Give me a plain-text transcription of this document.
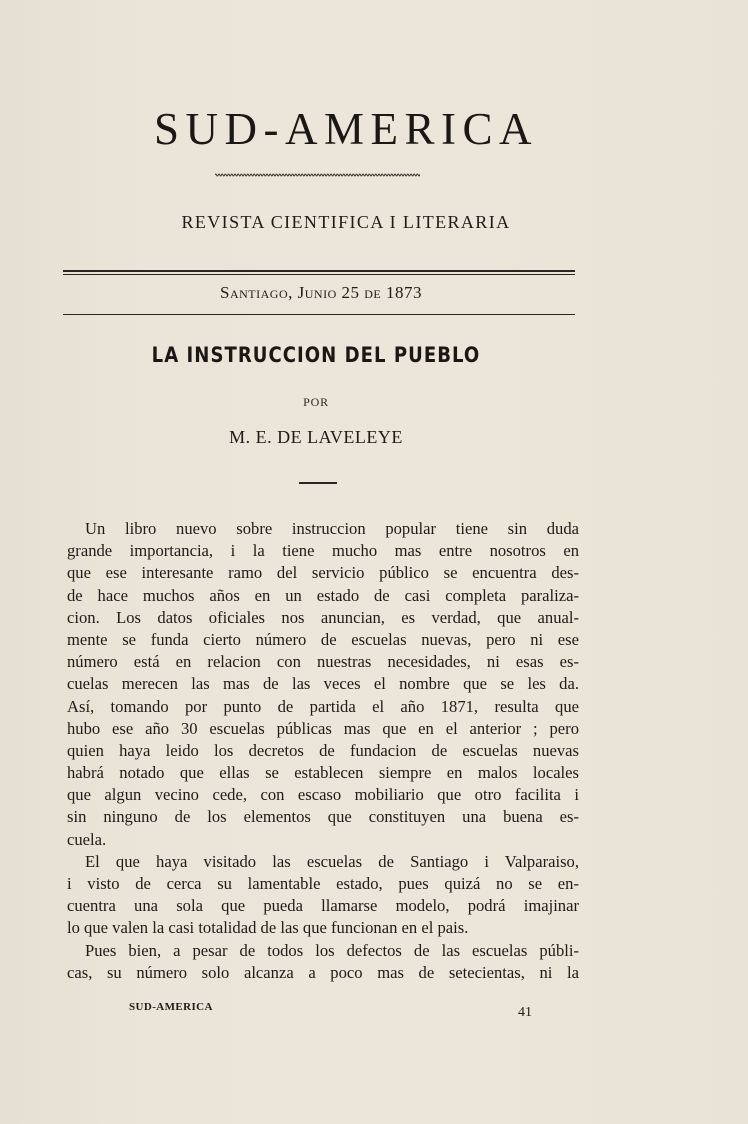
SUD-AMERICA
REVISTA CIENTIFICA I LITERARIA
Santiago, Junio 25 de 1873
LA INSTRUCCION DEL PUEBLO
POR
M. E. DE LAVELEYE
Un libro nuevo sobre instruccion popular tiene sin duda
grande importancia, i la tiene mucho mas entre nosotros en
que ese interesante ramo del servicio público se encuentra des-
de hace muchos años en un estado de casi completa paraliza-
cion. Los datos oficiales nos anuncian, es verdad, que anual-
mente se funda cierto número de escuelas nuevas, pero ni ese
número está en relacion con nuestras necesidades, ni esas es-
cuelas merecen las mas de las veces el nombre que se les da.
Así, tomando por punto de partida el año 1871, resulta que
hubo ese año 30 escuelas públicas mas que en el anterior ; pero
quien haya leido los decretos de fundacion de escuelas nuevas
habrá notado que ellas se establecen siempre en malos locales
que algun vecino cede, con escaso mobiliario que otro facilita i
sin ninguno de los elementos que constituyen una buena es-
cuela.
El que haya visitado las escuelas de Santiago i Valparaiso,
i visto de cerca su lamentable estado, pues quizá no se en-
cuentra una sola que pueda llamarse modelo, podrá imajinar
lo que valen la casi totalidad de las que funcionan en el pais.
Pues bien, a pesar de todos los defectos de las escuelas públi-
cas, su número solo alcanza a poco mas de setecientas, ni la
SUD-AMERICA	41
